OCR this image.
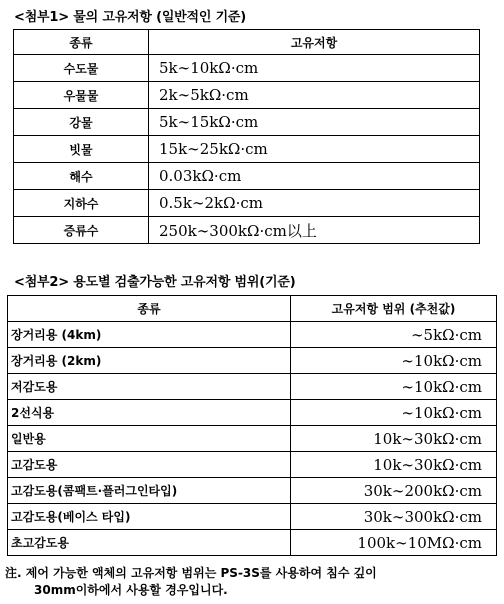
<첨부1> 물의 고유저항 (일반적인 기준)
종류	고유저항
수도물	5k∼10kΩ·cm
우물물	2k∼5kΩ·cm
강물	5k∼15kΩ·cm
빗물	15k∼25kΩ·cm
해수	0.03kΩ·cm
지하수	0.5k∼2kΩ·cm
증류수	250k∼300kΩ·cm以上
<첨부2> 용도별 검출가능한 고유저항 범위(기준)
종류	고유저항 범위 (추천값)
장거리용 (4km)	∼5kΩ·cm
장거리용 (2km)	∼10kΩ·cm
저감도용	∼10kΩ·cm
2선식용	∼10kΩ·cm
일반용	10k∼30kΩ·cm
고감도용	10k∼30kΩ·cm
고감도용(콤팩트·플러그인타입)	30k∼200kΩ·cm
고감도용(베이스 타입)	30k∼300kΩ·cm
초고감도용	100k∼10MΩ·cm
注. 제어 가능한 액체의 고유저항 범위는 PS-3S를 사용하여 침수 깊이
30mm이하에서 사용할 경우입니다.
